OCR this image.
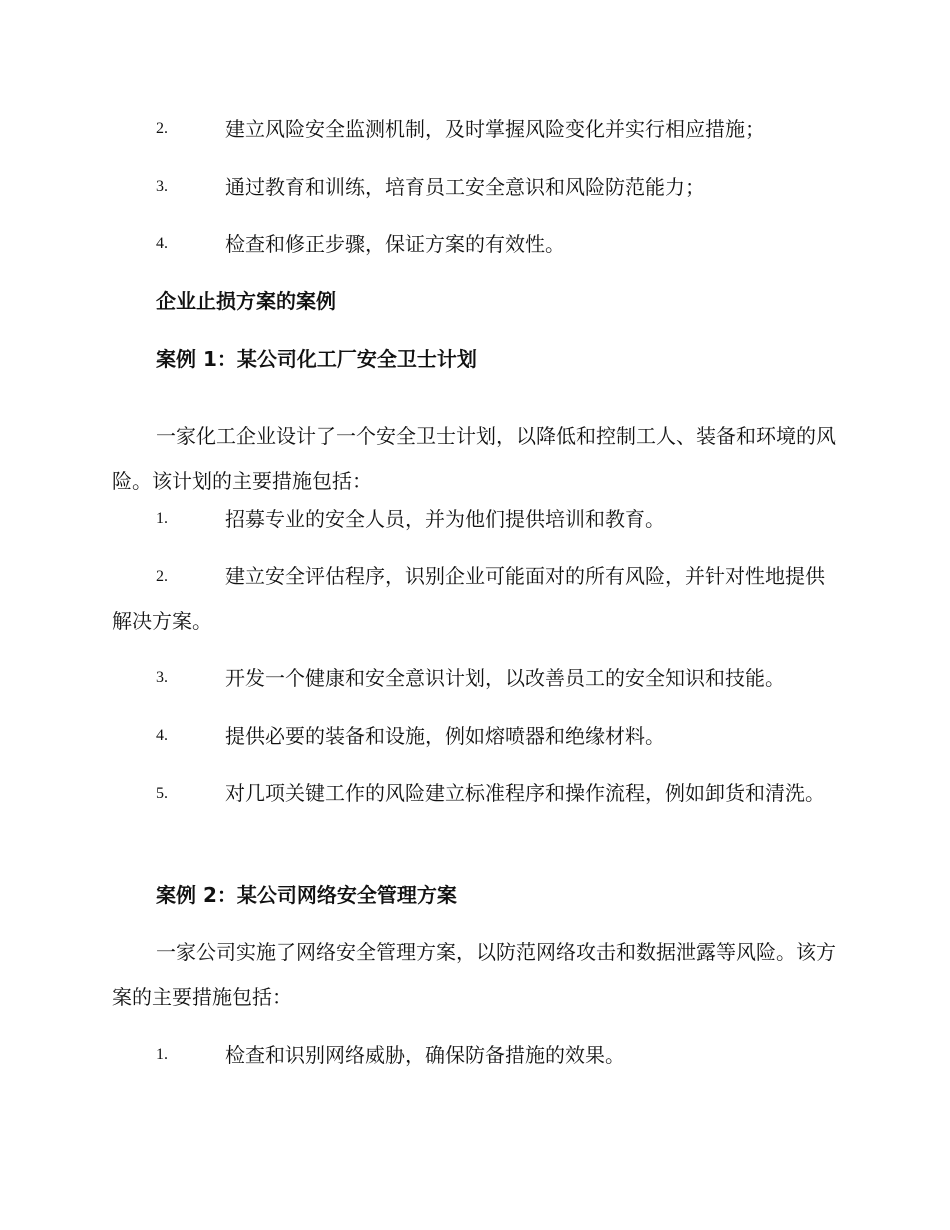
2.	建立风险安全监测机制，及时掌握风险变化并实行相应措施；
3.	通过教育和训练，培育员工安全意识和风险防范能力；
4.	检查和修正步骤，保证方案的有效性。
企业止损方案的案例
案例 1：某公司化工厂安全卫士计划

一家化工企业设计了一个安全卫士计划，以降低和控制工人、装备和环境的风险。该计划的主要措施包括：

1.	招募专业的安全人员，并为他们提供培训和教育。
2.	建立安全评估程序，识别企业可能面对的所有风险，并针对性地提供解决方案。

3.	开发一个健康和安全意识计划，以改善员工的安全知识和技能。
4.	提供必要的装备和设施，例如熔喷器和绝缘材料。
5.	对几项关键工作的风险建立标准程序和操作流程，例如卸货和清洗。

案例 2：某公司网络安全管理方案

一家公司实施了网络安全管理方案，以防范网络攻击和数据泄露等风险。该方案的主要措施包括：

1.	检查和识别网络威胁，确保防备措施的效果。
